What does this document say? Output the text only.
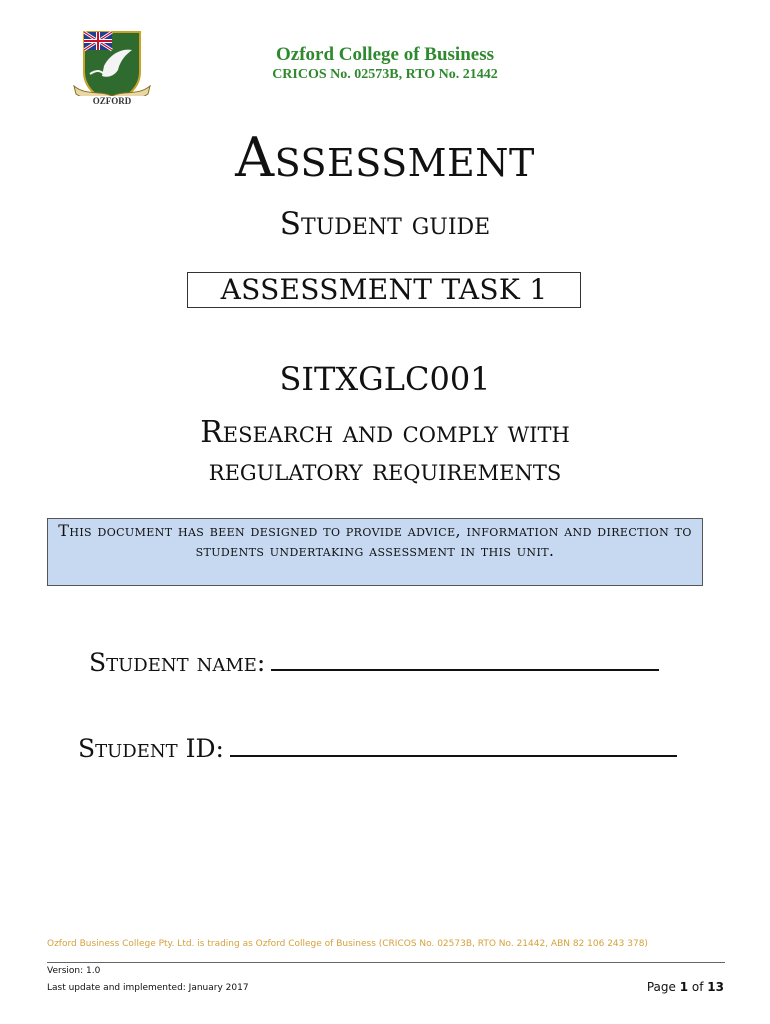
OZFORD
Ozford College of Business
CRICOS No. 02573B, RTO No. 21442
Assessment
Student guide
ASSESSMENT TASK 1
SITXGLC001
Research and comply with
regulatory requirements
This document has been designed to provide advice, information and direction to students undertaking assessment in this unit.
Student name:
Student ID:
Ozford Business College Pty. Ltd. is trading as Ozford College of Business (CRICOS No. 02573B, RTO No. 21442, ABN 82 106 243 378)
Version: 1.0
Last update and implemented: January 2017	Page 1 of 13
